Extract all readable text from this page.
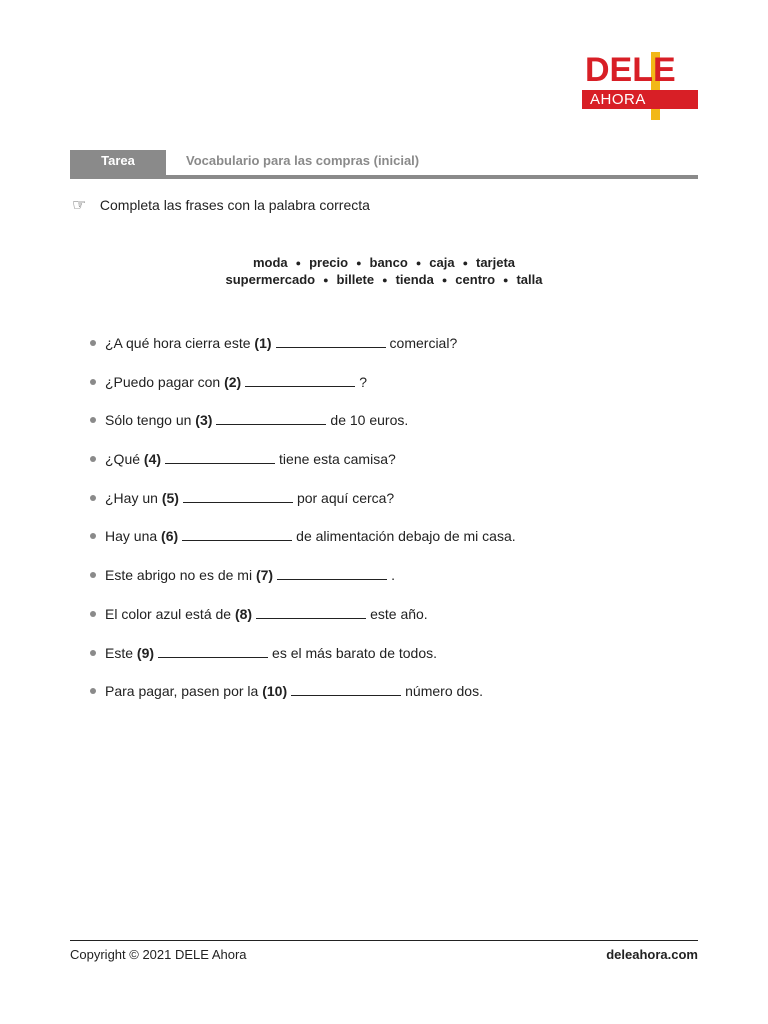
DELE
AHORA
Tarea	Vocabulario para las compras (inicial)
☞ Completa las frases con la palabra correcta
moda ● precio ● banco ● caja ● tarjeta
supermercado ● billete ● tienda ● centro ● talla
¿A qué hora cierra este (1)	comercial?
¿Puedo pagar con (2)	?
Sólo tengo un (3)	de 10 euros.
¿Qué (4)	tiene esta camisa?
¿Hay un (5)	por aquí cerca?
Hay una (6)	de alimentación debajo de mi casa.
Este abrigo no es de mi (7)	.
El color azul está de (8)	este año.
Este (9)	es el más barato de todos.
Para pagar, pasen por la (10)	número dos.
Copyright © 2021 DELE Ahora	deleahora.com
